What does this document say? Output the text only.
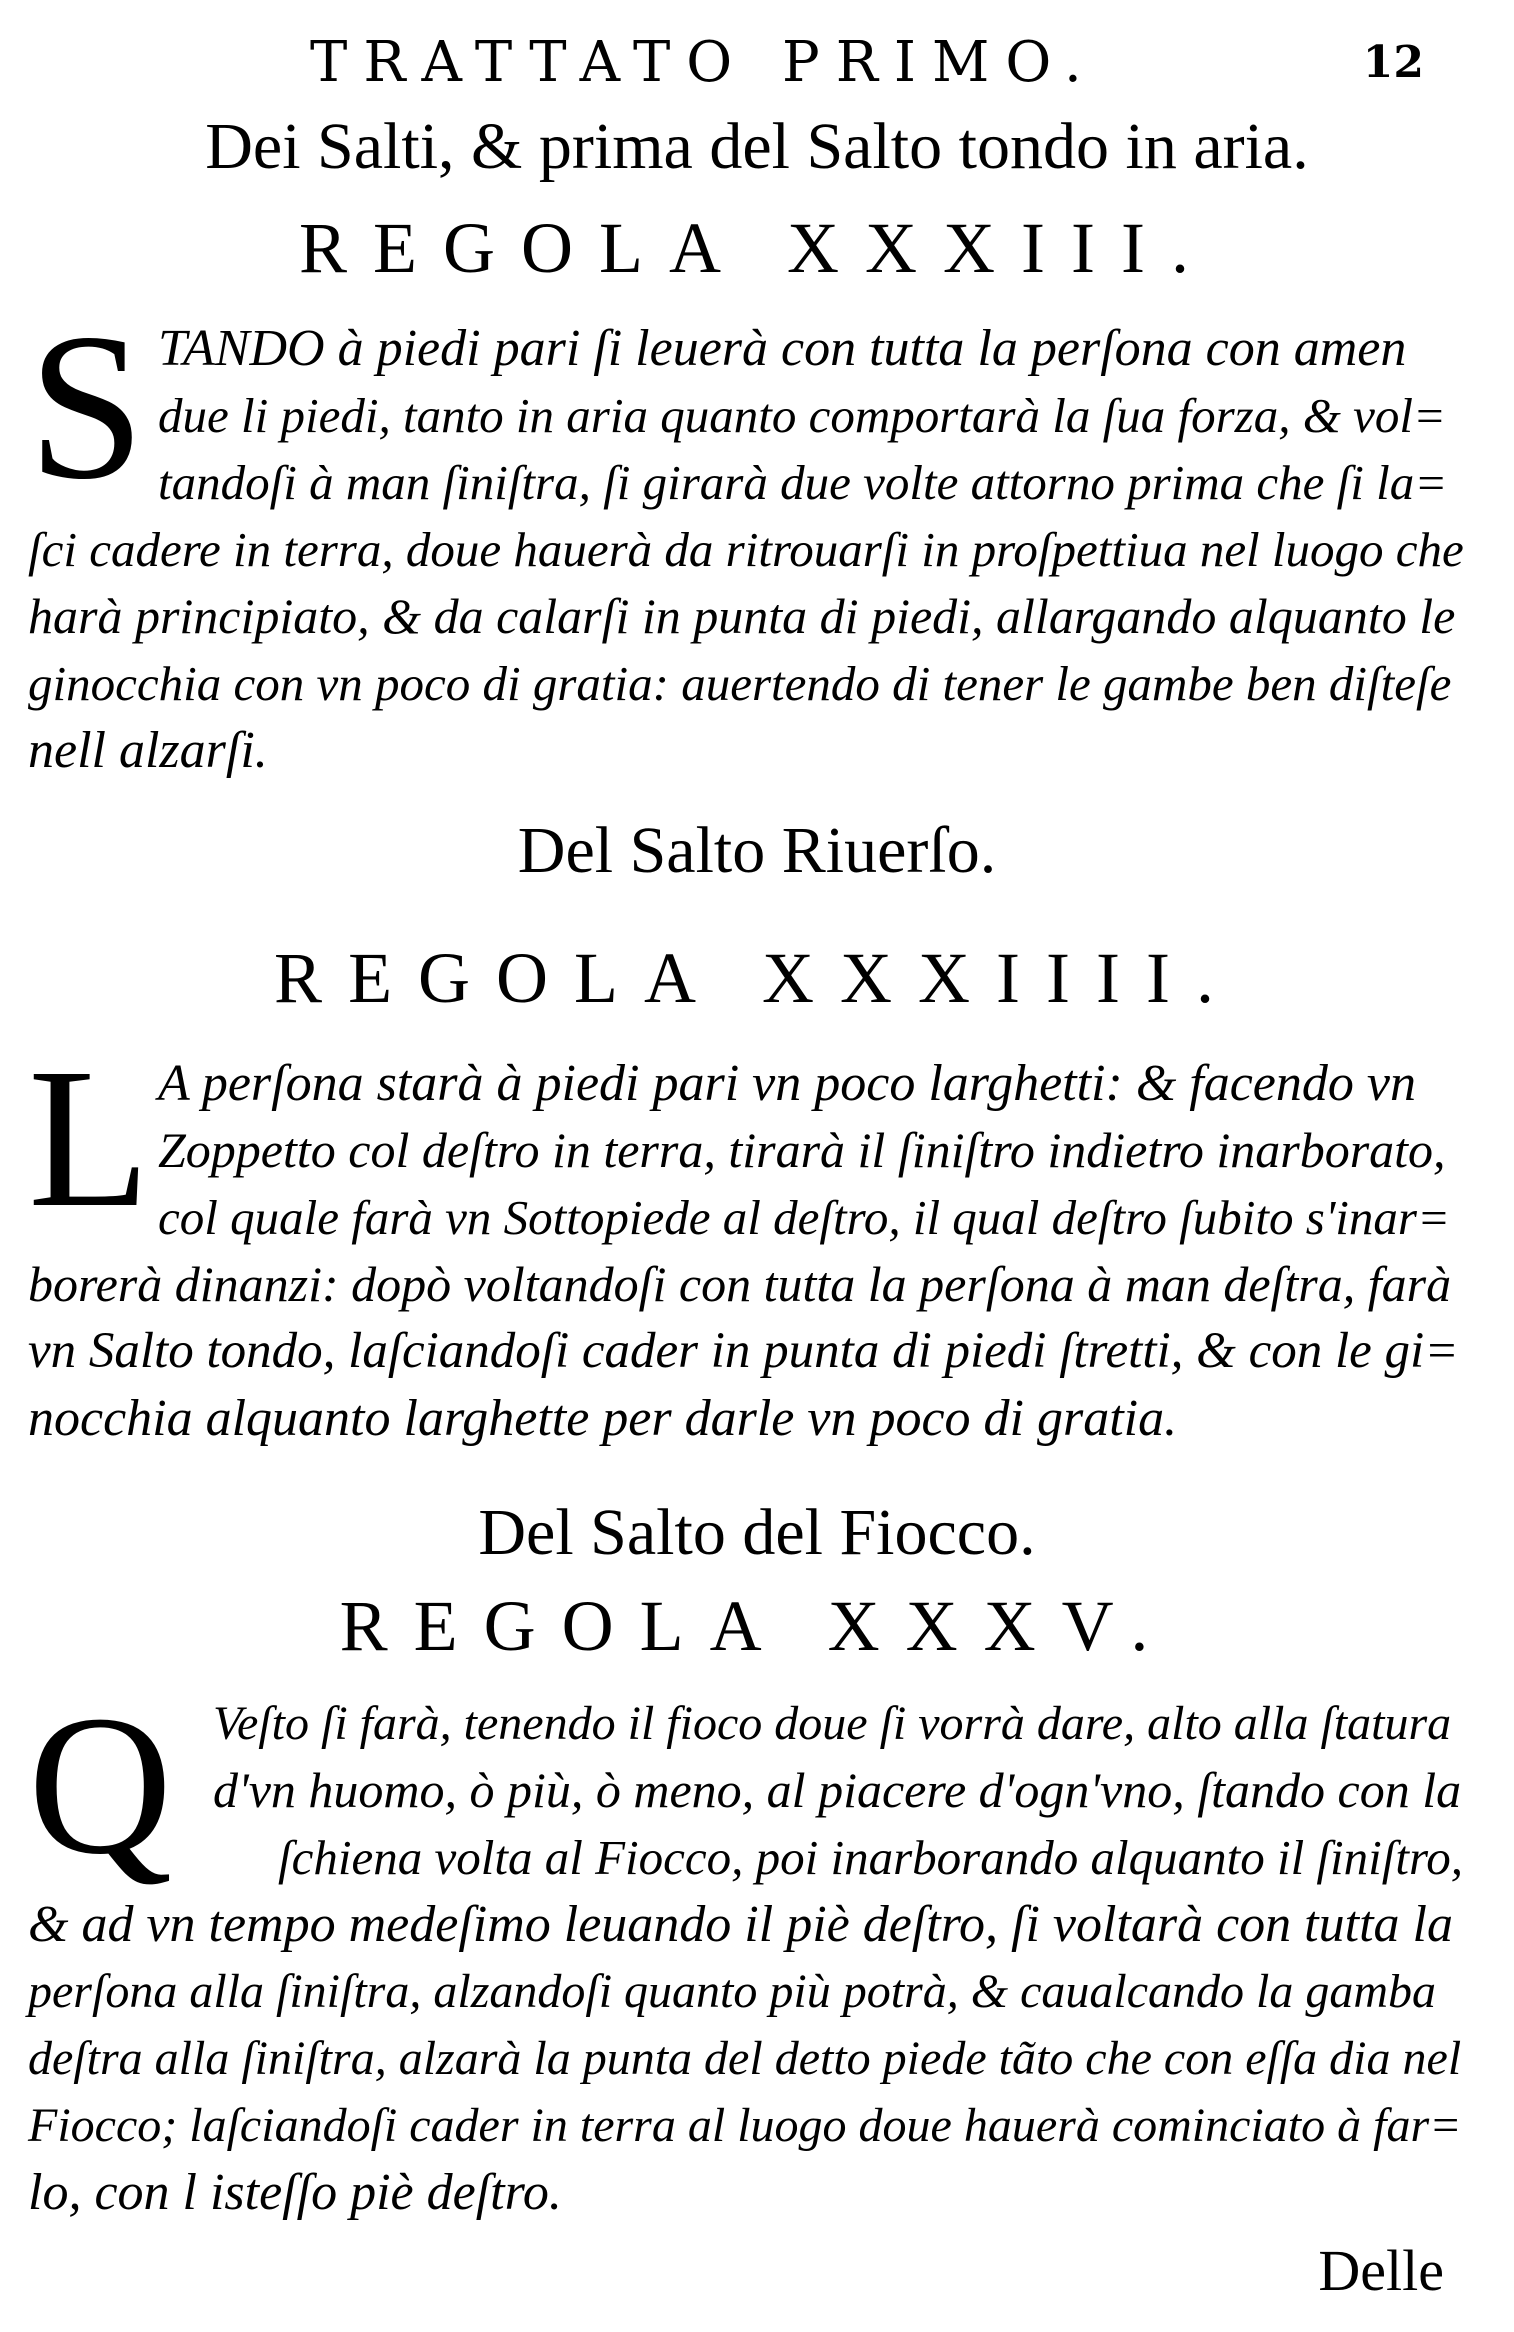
TRATTATO PRIMO.	12
Dei Salti, & prima del Salto tondo in aria.
REGOLA XXXIII.
S TANDO à piedi pari ſi leuerà con tutta la perſona con amen
due li piedi, tanto in aria quanto comportarà la ſua forza, & vol=
tandoſi à man ſiniſtra, ſi girarà due volte attorno prima che ſi la=
ſci cadere in terra, doue hauerà da ritrouarſi in proſpettiua nel luogo che
harà principiato, & da calarſi in punta di piedi, allargando alquanto le
ginocchia con vn poco di gratia: auertendo di tener le gambe ben diſteſe
nell alzarſi.
Del Salto Riuerſo.
REGOLA XXXIIII.
L A perſona starà à piedi pari vn poco larghetti: & facendo vn
Zoppetto col deſtro in terra, tirarà il ſiniſtro indietro inarborato,
col quale farà vn Sottopiede al deſtro, il qual deſtro ſubito s'inar=
borerà dinanzi: dopò voltandoſi con tutta la perſona à man deſtra, farà
vn Salto tondo, laſciandoſi cader in punta di piedi ſtretti, & con le gi=
nocchia alquanto larghette per darle vn poco di gratia.
Del Salto del Fiocco.
REGOLA XXXV.
Q Veſto ſi farà, tenendo il fioco doue ſi vorrà dare, alto alla ſtatura
d'vn huomo, ò più, ò meno, al piacere d'ogn'vno, ſtando con la
ſchiena volta al Fiocco, poi inarborando alquanto il ſiniſtro,
& ad vn tempo medeſimo leuando il piè deſtro, ſi voltarà con tutta la
perſona alla ſiniſtra, alzandoſi quanto più potrà, & caualcando la gamba
deſtra alla ſiniſtra, alzarà la punta del detto piede tãto che con eſſa dia nel
Fiocco; laſciandoſi cader in terra al luogo doue hauerà cominciato à far=
lo, con l isteſſo piè deſtro.
Delle
